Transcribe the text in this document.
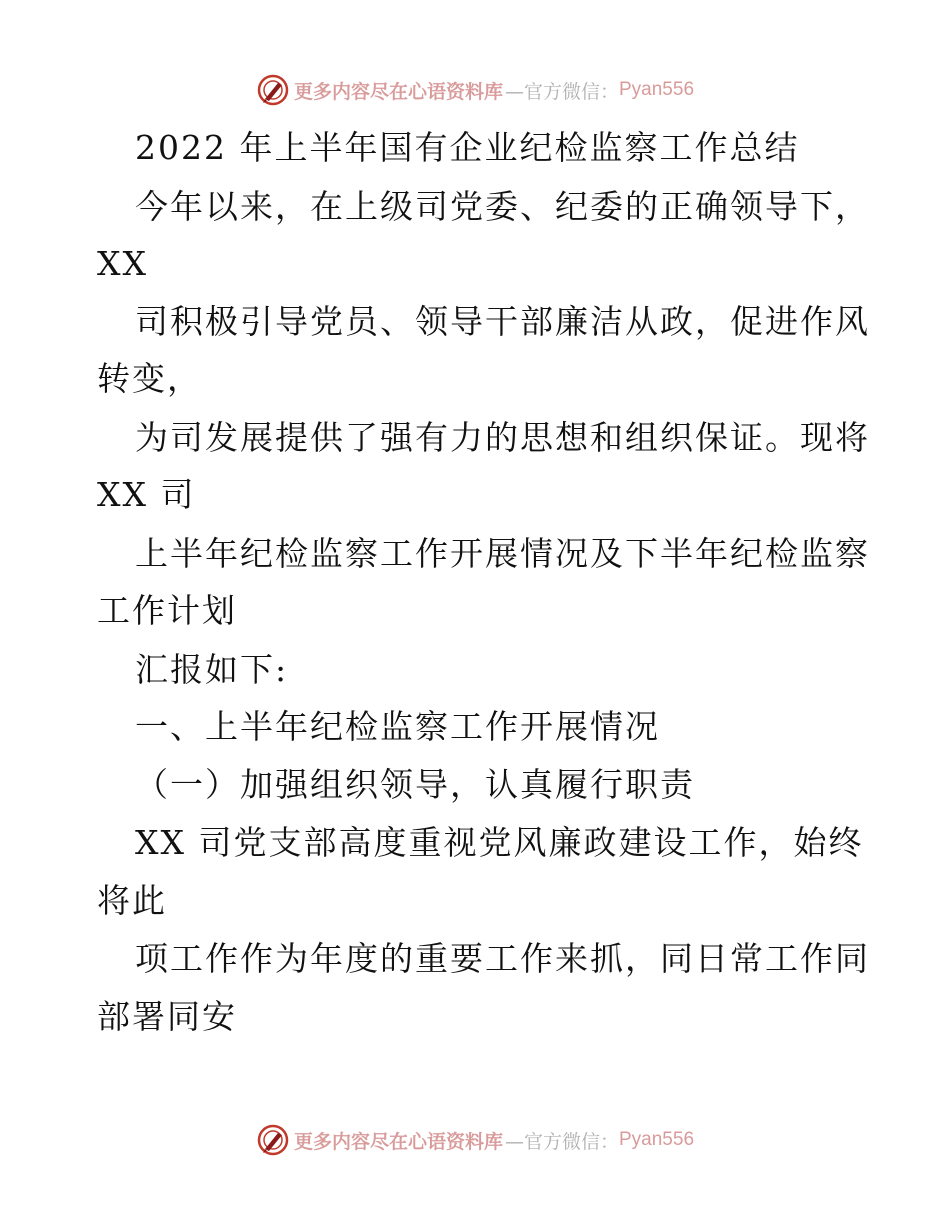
更多内容尽在心语资料库 —官方微信： Pyan556
2022 年上半年国有企业纪检监察工作总结
今年以来，在上级司党委、纪委的正确领导下，
XX
司积极引导党员、领导干部廉洁从政，促进作风
转变，
为司发展提供了强有力的思想和组织保证。现将
XX 司
上半年纪检监察工作开展情况及下半年纪检监察
工作计划
汇报如下:
一、上半年纪检监察工作开展情况
（一）加强组织领导，认真履行职责
XX 司党支部高度重视党风廉政建设工作，始终
将此
项工作作为年度的重要工作来抓，同日常工作同
部署同安
更多内容尽在心语资料库 —官方微信： Pyan556
